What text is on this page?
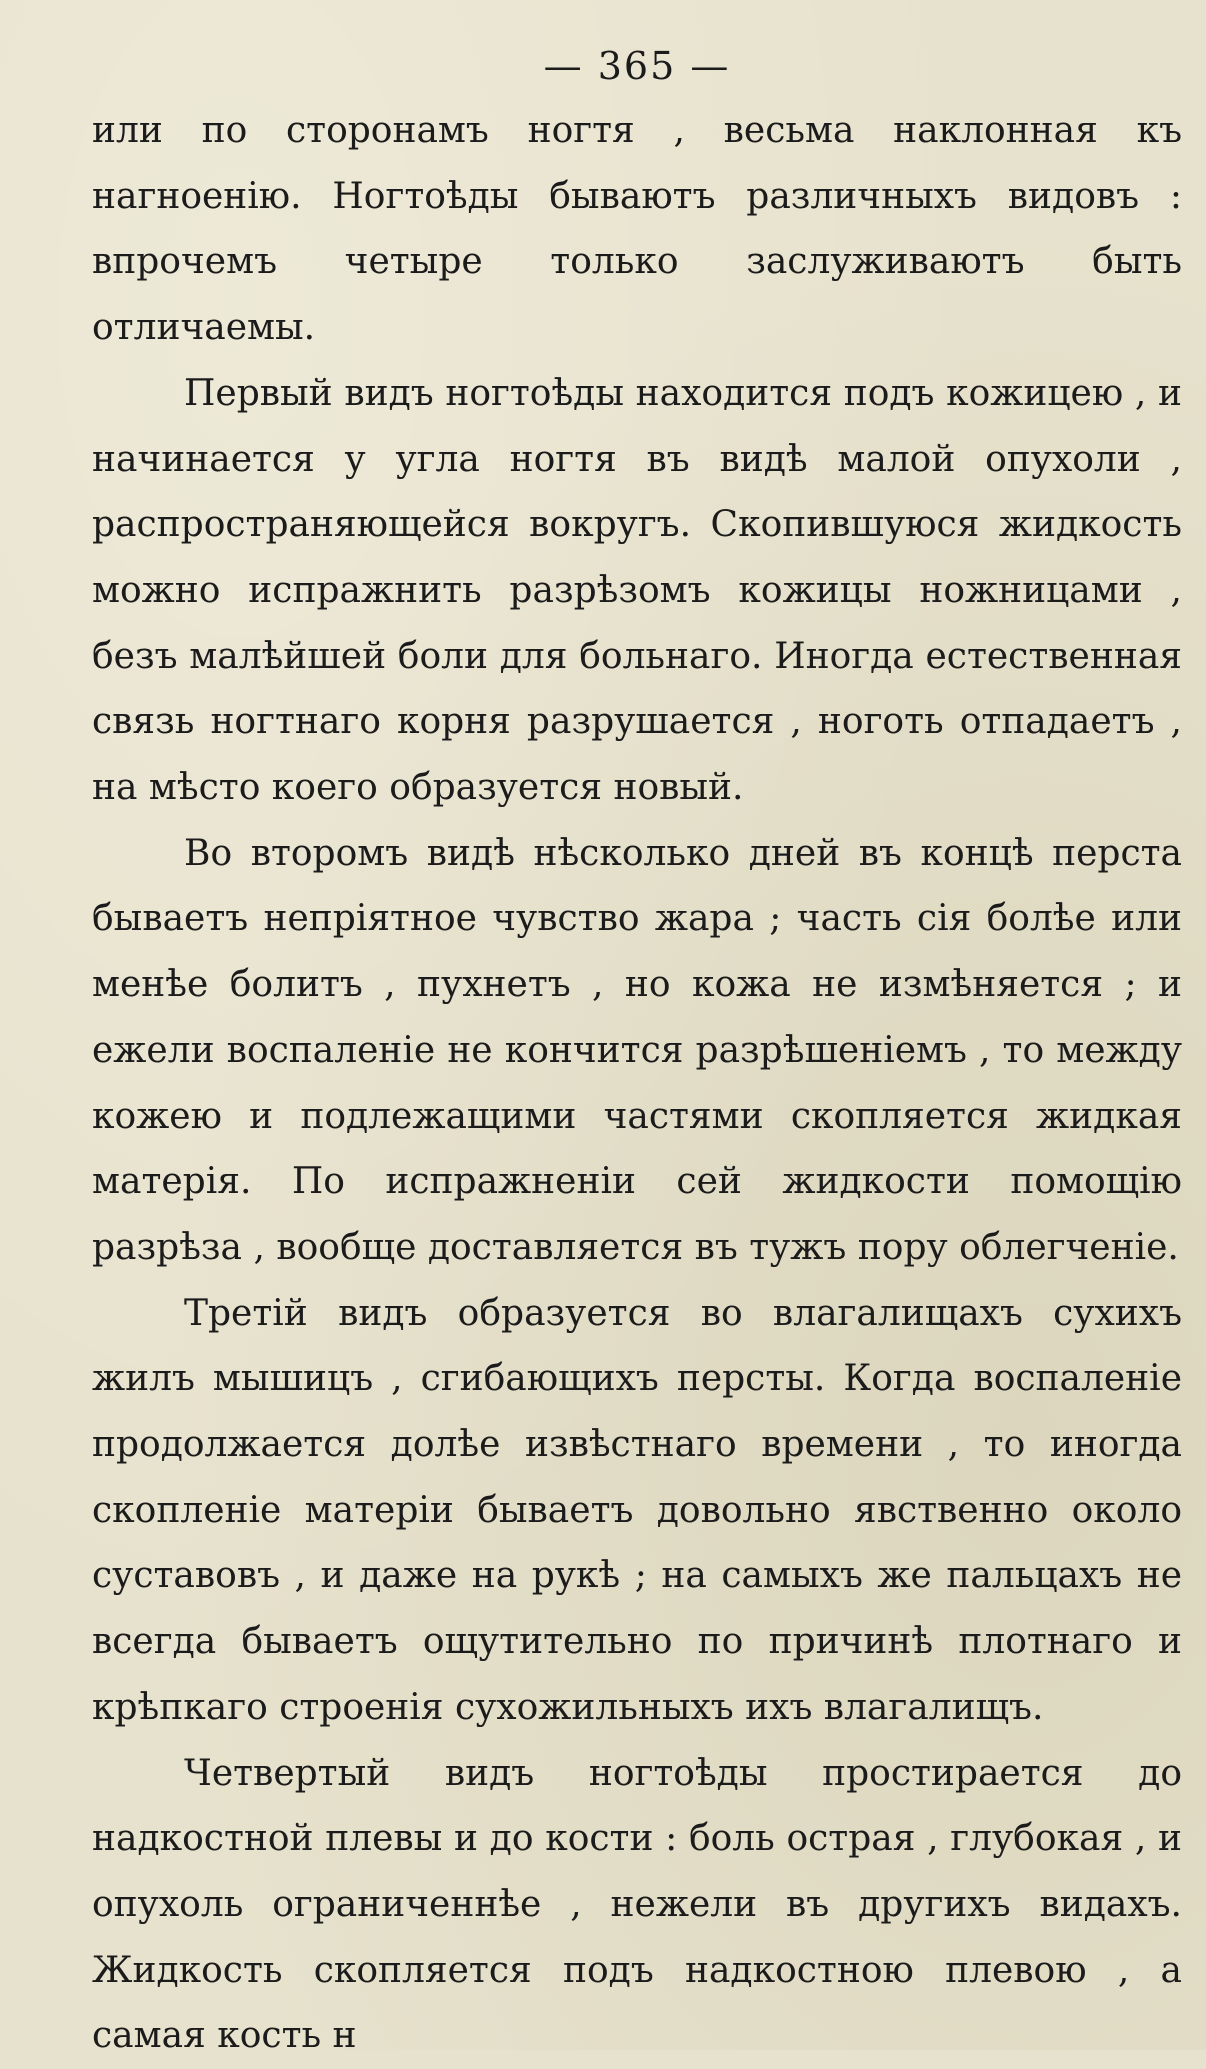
— 365 —

или по сторонамъ ногтя , весьма наклонная къ нагноенію. Ногтоѣды бываютъ различныхъ видовъ : впрочемъ четыре только заслуживаютъ быть отличаемы.

Первый видъ ногтоѣды находится подъ кожицею , и начинается у угла ногтя въ видѣ малой опухоли , распространяющейся вокругъ. Скопившуюся жидкость можно испражнить разрѣзомъ кожицы ножницами , безъ малѣйшей боли для больнаго. Иногда естественная связь ногтнаго корня разрушается , ноготь отпадаетъ , на мѣсто коего образуется новый.

Во второмъ видѣ нѣсколько дней въ концѣ перста бываетъ непріятное чувство жара ; часть сія болѣе или менѣе болитъ , пухнетъ , но кожа не измѣняется ; и ежели воспаленіе не кончится разрѣшеніемъ , то между кожею и подлежащими частями скопляется жидкая матерія. По испражненіи сей жидкости помощію разрѣза , вообще доставляется въ тужъ пору облегченіе.

Третій видъ образуется во влагалищахъ сухихъ жилъ мышицъ , сгибающихъ персты. Когда воспаленіе продолжается долѣе извѣстнаго времени , то иногда скопленіе матеріи бываетъ довольно явственно около суставовъ , и даже на рукѣ ; на самыхъ же пальцахъ не всегда бываетъ ощутительно по причинѣ плотнаго и крѣпкаго строенія сухожильныхъ ихъ влагалищъ.

Четвертый видъ ногтоѣды простирается до надкостной плевы и до кости : боль острая , глубокая , и опухоль ограниченнѣе , нежели въ другихъ видахъ. Жидкость скопляется подъ надкостною плевою , а самая кость н
